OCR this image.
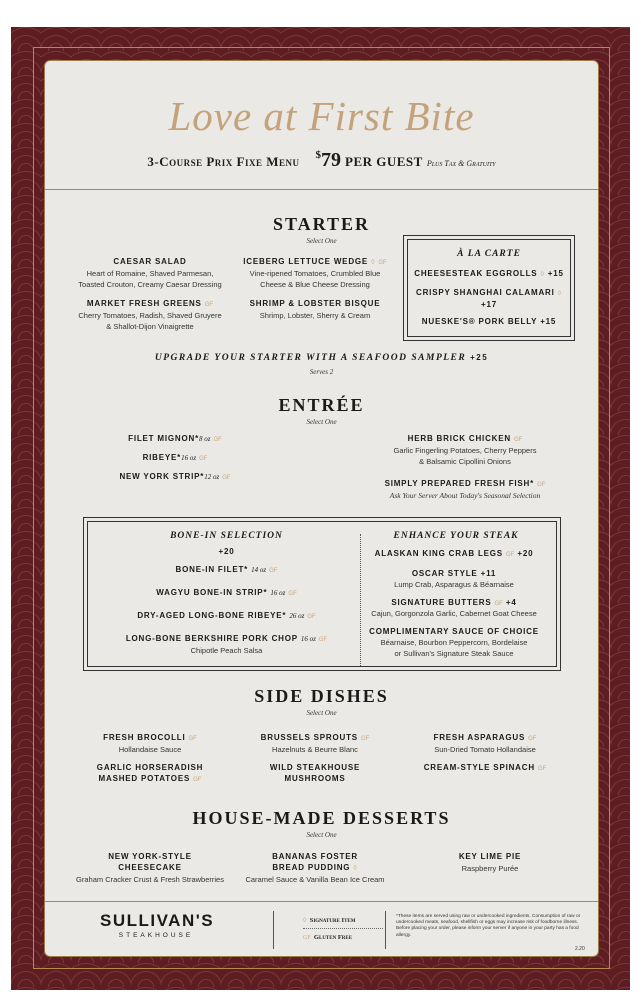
Love at First Bite
3-Course Prix Fixe Menu $79 PER GUEST Plus Tax & Gratuity
STARTER
Select One
CAESAR SALAD
Heart of Romaine, Shaved Parmesan,
Toasted Crouton, Creamy Caesar Dressing
MARKET FRESH GREENS GF
Cherry Tomatoes, Radish, Shaved Gruyere
& Shallot-Dijon Vinaigrette
ICEBERG LETTUCE WEDGE ◊ GF
Vine-ripened Tomatoes, Crumbled Blue
Cheese & Blue Cheese Dressing
SHRIMP & LOBSTER BISQUE
Shrimp, Lobster, Sherry & Cream
À LA CARTE
CHEESESTEAK EGGROLLS ◊ +15
CRISPY SHANGHAI CALAMARI ◊
+17
NUESKE'S® PORK BELLY +15
UPGRADE YOUR STARTER WITH A SEAFOOD SAMPLER +25
Serves 2
ENTRÉE
Select One
FILET MIGNON*8 oz GF
RIBEYE*16 oz GF
NEW YORK STRIP*12 oz GF
HERB BRICK CHICKEN GF
Garlic Fingerling Potatoes, Cherry Peppers
& Balsamic Cipollini Onions
SIMPLY PREPARED FRESH FISH* GF
Ask Your Server About Today's Seasonal Selection
BONE-IN SELECTION
+20
BONE-IN FILET* 14 oz GF
WAGYU BONE-IN STRIP* 16 oz GF
DRY-AGED LONG-BONE RIBEYE* 26 oz GF
LONG-BONE BERKSHIRE PORK CHOP 16 oz GF
Chipotle Peach Salsa
ENHANCE YOUR STEAK
ALASKAN KING CRAB LEGS GF +20
OSCAR STYLE +11
Lump Crab, Asparagus & Béarnaise
SIGNATURE BUTTERS GF +4
Cajun, Gorgonzola Garlic, Cabernet Goat Cheese
COMPLIMENTARY SAUCE OF CHOICE
Béarnaise, Bourbon Peppercorn, Bordelaise
or Sullivan's Signature Steak Sauce
SIDE DISHES
Select One
FRESH BROCOLLI GF
Hollandaise Sauce
BRUSSELS SPROUTS GF
Hazelnuts & Beurre Blanc
FRESH ASPARAGUS GF
Sun-Dried Tomato Hollandaise
GARLIC HORSERADISH
MASHED POTATOES GF
WILD STEAKHOUSE
MUSHROOMS
CREAM-STYLE SPINACH GF
HOUSE-MADE DESSERTS
Select One
NEW YORK-STYLE
CHEESECAKE
Graham Cracker Crust & Fresh Strawberries
BANANAS FOSTER
BREAD PUDDING ◊
Caramel Sauce & Vanilla Bean Ice Cream
KEY LIME PIE
Raspberry Purée
SULLIVAN'S
STEAKHOUSE
◊ Signature Item
GF Gluten Free
*These items are served using raw or undercooked ingredients. Consumption of raw or undercooked meats, seafood, shellfish or eggs may increase risk of foodborne illness. Before placing your order, please inform your server if anyone in your party has a food allergy.
2.20
